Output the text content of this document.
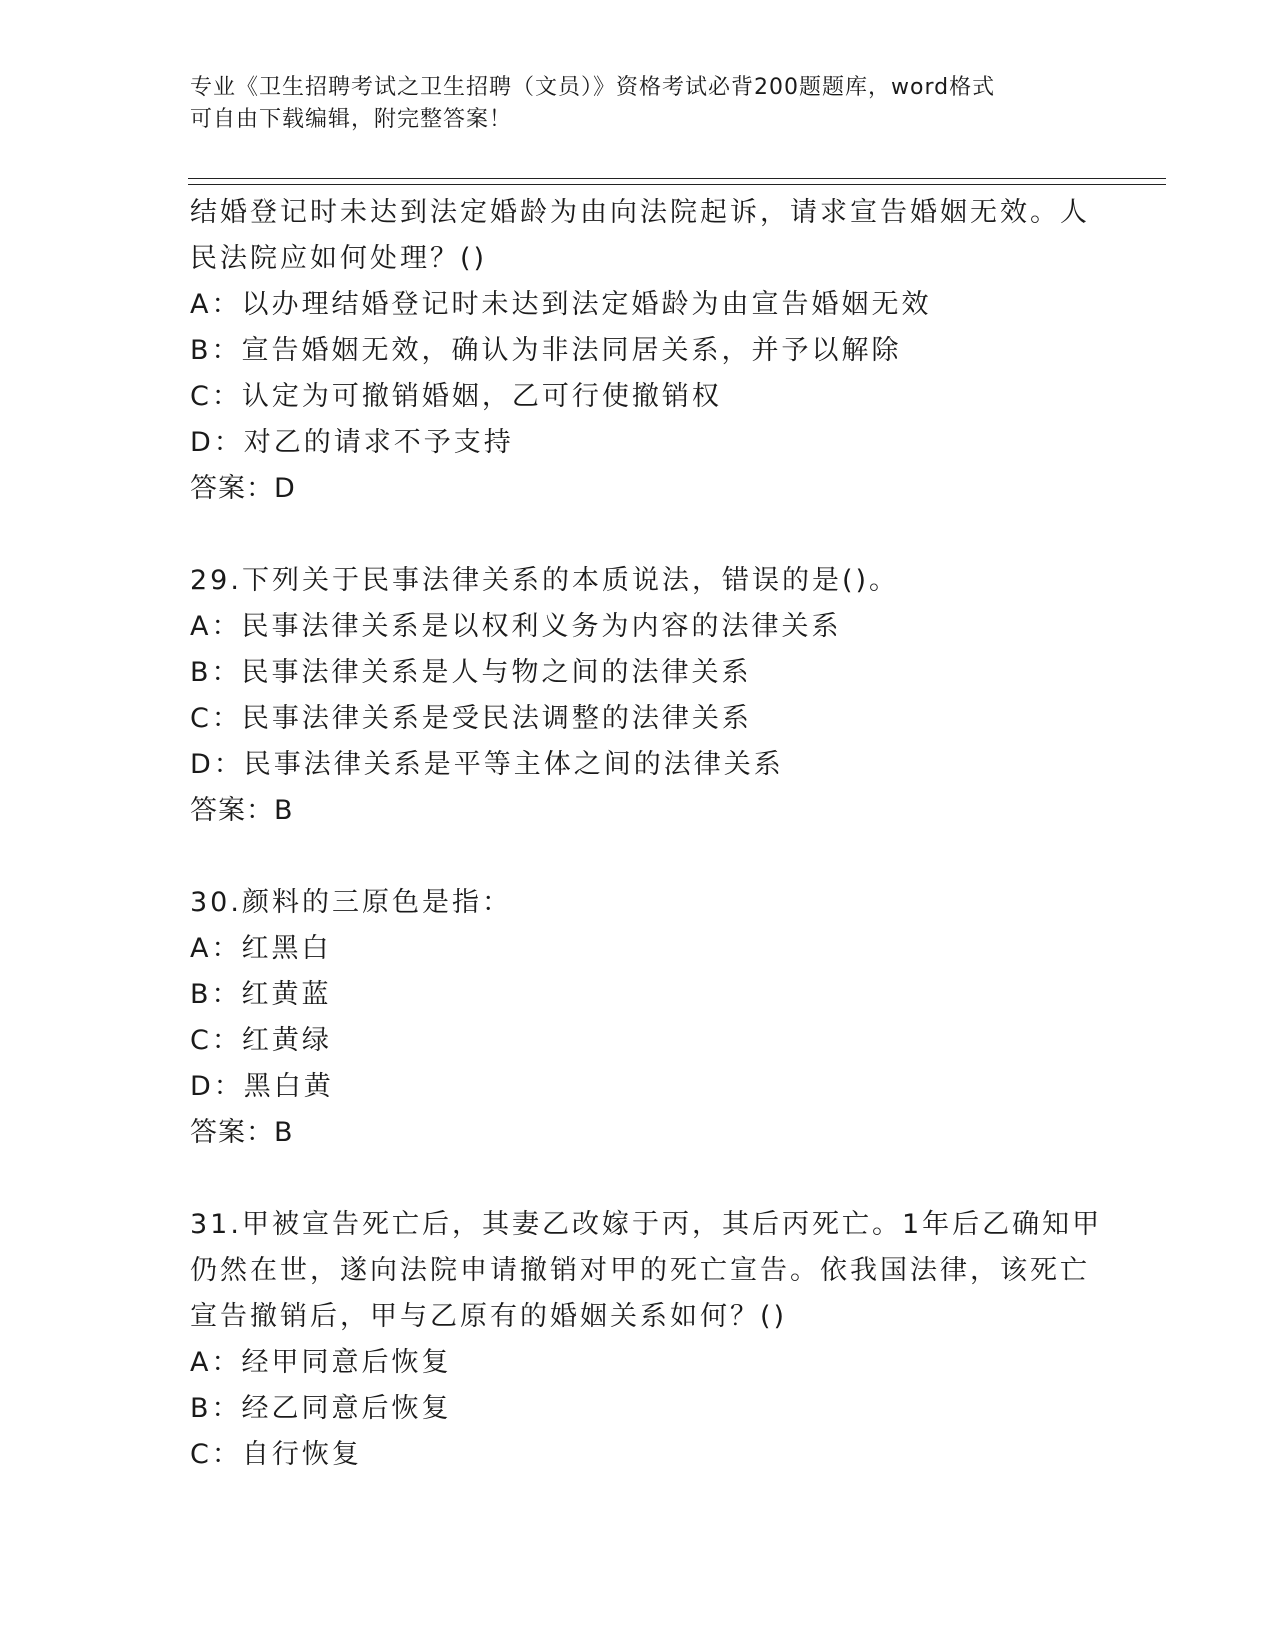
专业《卫生招聘考试之卫生招聘（文员）》资格考试必背200题题库，word格式
可自由下载编辑，附完整答案！
结婚登记时未达到法定婚龄为由向法院起诉，请求宣告婚姻无效。人
民法院应如何处理？()
A：以办理结婚登记时未达到法定婚龄为由宣告婚姻无效
B：宣告婚姻无效，确认为非法同居关系，并予以解除
C：认定为可撤销婚姻，乙可行使撤销权
D：对乙的请求不予支持
答案：D
29.下列关于民事法律关系的本质说法，错误的是()。
A：民事法律关系是以权利义务为内容的法律关系
B：民事法律关系是人与物之间的法律关系
C：民事法律关系是受民法调整的法律关系
D：民事法律关系是平等主体之间的法律关系
答案：B
30.颜料的三原色是指：
A：红黑白
B：红黄蓝
C：红黄绿
D：黑白黄
答案：B
31.甲被宣告死亡后，其妻乙改嫁于丙，其后丙死亡。1年后乙确知甲
仍然在世，遂向法院申请撤销对甲的死亡宣告。依我国法律，该死亡
宣告撤销后，甲与乙原有的婚姻关系如何？()
A：经甲同意后恢复
B：经乙同意后恢复
C：自行恢复
